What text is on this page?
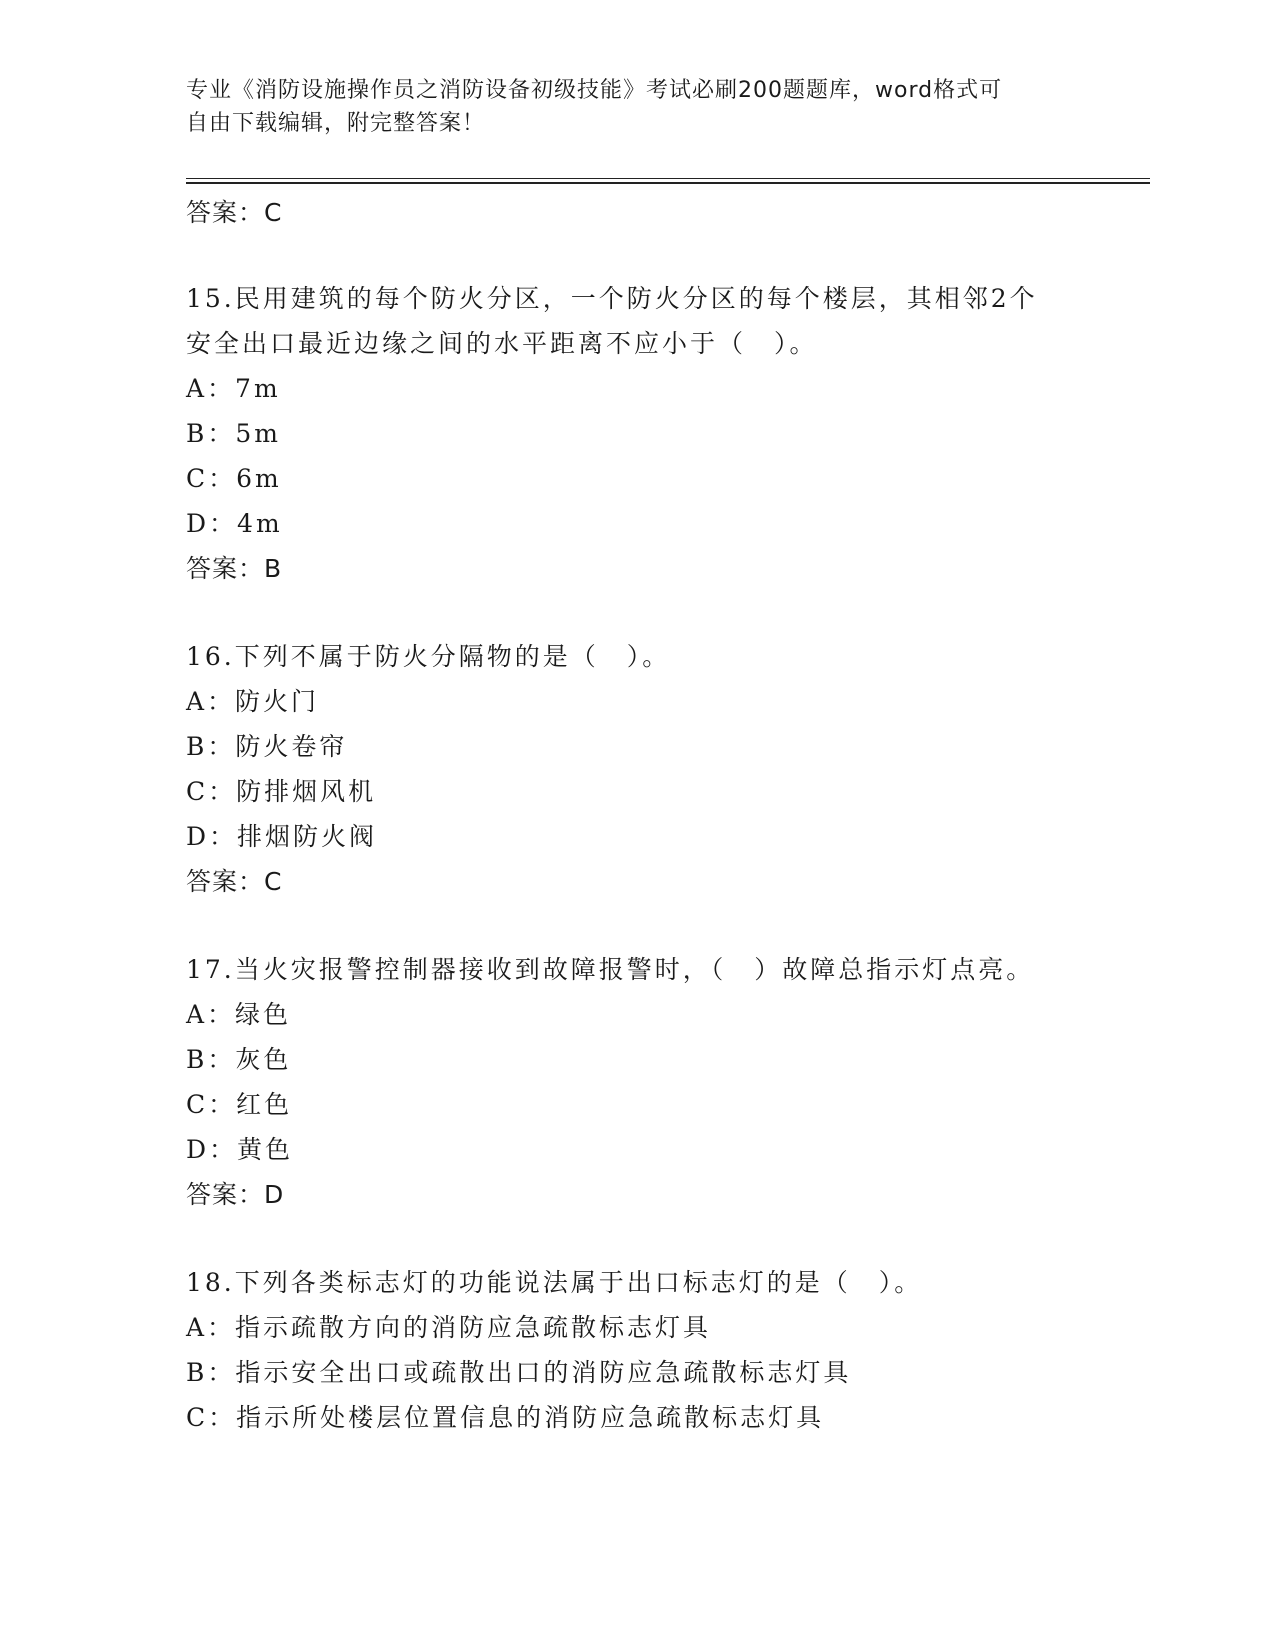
专业《消防设施操作员之消防设备初级技能》考试必刷200题题库，word格式可
自由下载编辑，附完整答案！
答案：C
15.民用建筑的每个防火分区，一个防火分区的每个楼层，其相邻2个
安全出口最近边缘之间的水平距离不应小于（　）。
A：7m
B：5m
C：6m
D：4m
答案：B
16.下列不属于防火分隔物的是（　）。
A：防火门
B：防火卷帘
C：防排烟风机
D：排烟防火阀
答案：C
17.当火灾报警控制器接收到故障报警时，（　）故障总指示灯点亮。
A：绿色
B：灰色
C：红色
D：黄色
答案：D
18.下列各类标志灯的功能说法属于出口标志灯的是（　）。
A：指示疏散方向的消防应急疏散标志灯具
B：指示安全出口或疏散出口的消防应急疏散标志灯具
C：指示所处楼层位置信息的消防应急疏散标志灯具
